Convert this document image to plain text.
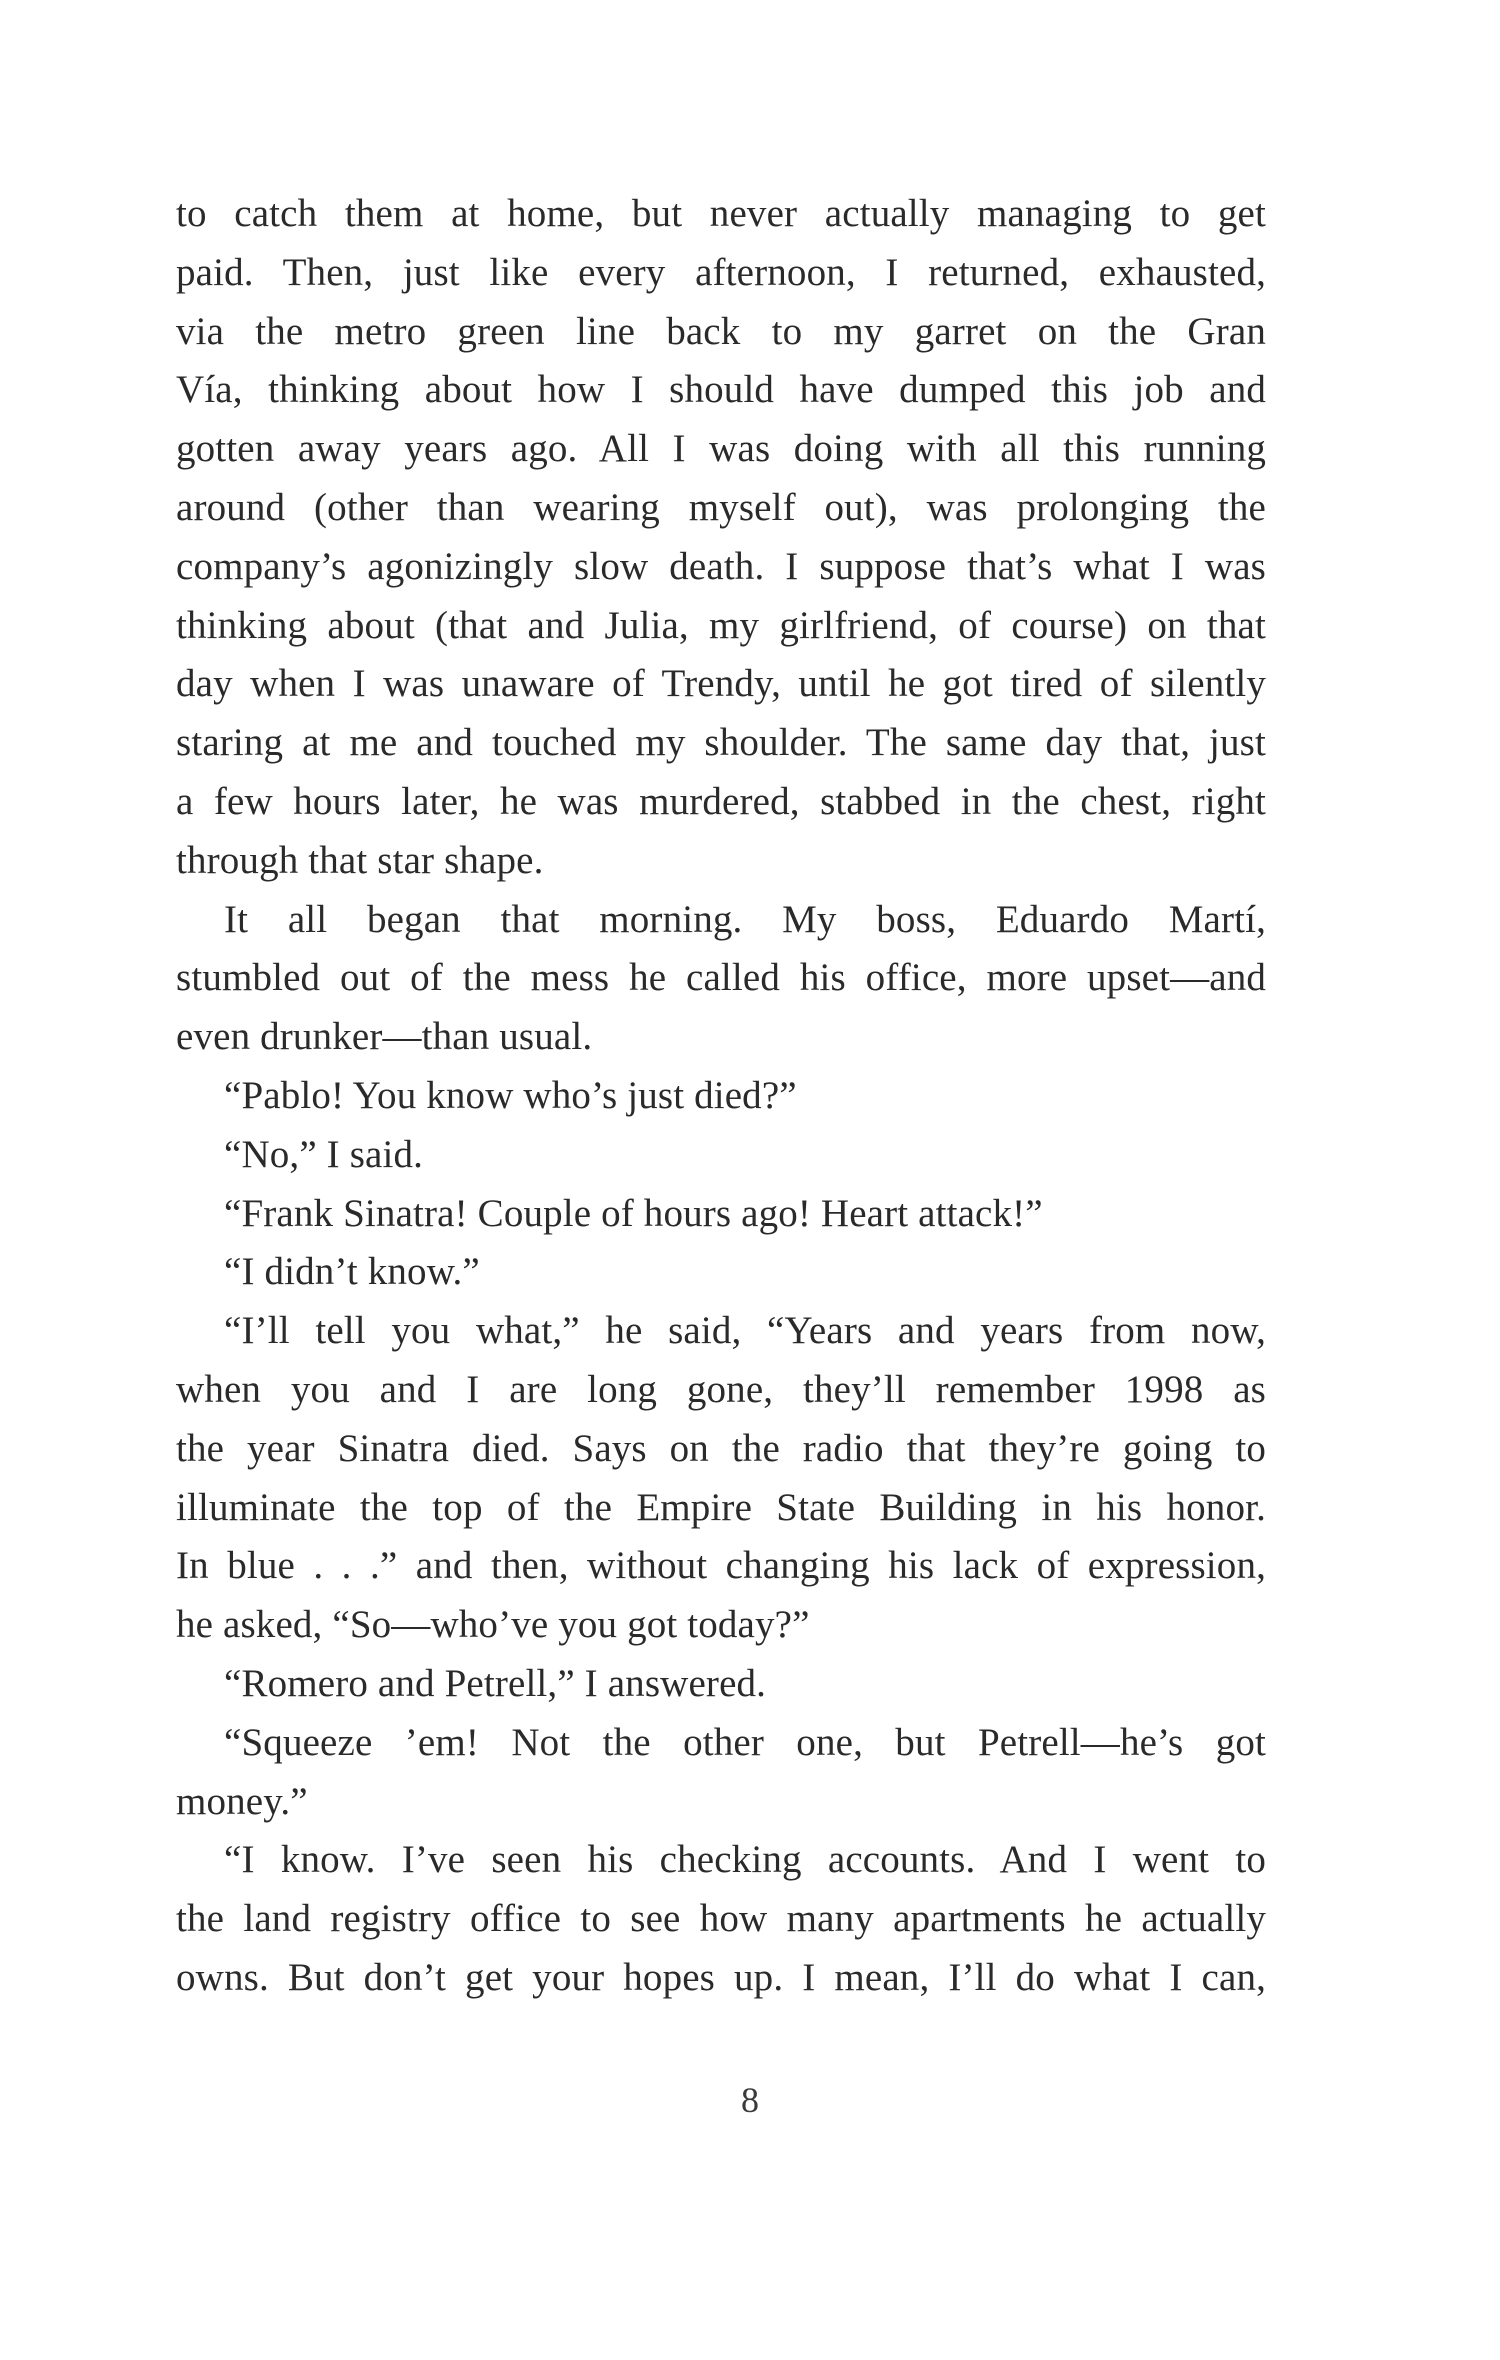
to catch them at home, but never actually managing to get
paid. Then, just like every afternoon, I returned, exhausted,
via the metro green line back to my garret on the Gran
Vía, thinking about how I should have dumped this job and
gotten away years ago. All I was doing with all this running
around (other than wearing myself out), was prolonging the
company’s agonizingly slow death. I suppose that’s what I was
thinking about (that and Julia, my girlfriend, of course) on that
day when I was unaware of Trendy, until he got tired of silently
staring at me and touched my shoulder. The same day that, just
a few hours later, he was murdered, stabbed in the chest, right
through that star shape.
It all began that morning. My boss, Eduardo Martí,
stumbled out of the mess he called his office, more upset—and
even drunker—than usual.
“Pablo! You know who’s just died?”
“No,” I said.
“Frank Sinatra! Couple of hours ago! Heart attack!”
“I didn’t know.”
“I’ll tell you what,” he said, “Years and years from now,
when you and I are long gone, they’ll remember 1998 as
the year Sinatra died. Says on the radio that they’re going to
illuminate the top of the Empire State Building in his honor.
In blue . . .” and then, without changing his lack of expression,
he asked, “So—who’ve you got today?”
“Romero and Petrell,” I answered.
“Squeeze ’em! Not the other one, but Petrell—he’s got
money.”
“I know. I’ve seen his checking accounts. And I went to
the land registry office to see how many apartments he actually
owns. But don’t get your hopes up. I mean, I’ll do what I can,
8
